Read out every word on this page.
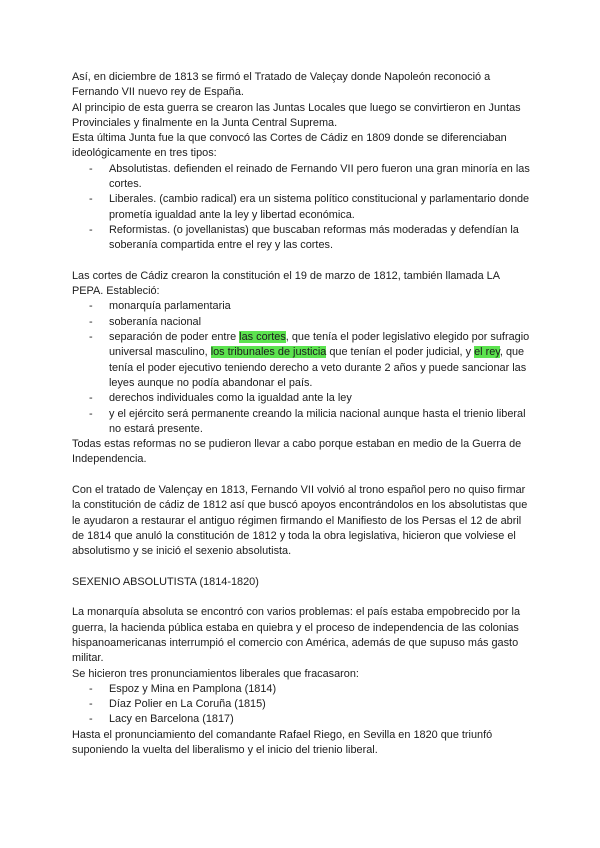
Así, en diciembre de 1813 se firmó el Tratado de Valeçay donde Napoleón reconoció a Fernando VII nuevo rey de España.

Al principio de esta guerra se crearon las Juntas Locales que luego se convirtieron en Juntas Provinciales y finalmente en la Junta Central Suprema.

Esta última Junta fue la que convocó las Cortes de Cádiz en 1809 donde se diferenciaban ideológicamente en tres tipos:

- Absolutistas. defienden el reinado de Fernando VII pero fueron una gran minoría en las cortes.
- Liberales. (cambio radical) era un sistema político constitucional y parlamentario donde prometía igualdad ante la ley y libertad económica.
- Reformistas. (o jovellanistas) que buscaban reformas más moderadas y defendían la soberanía compartida entre el rey y las cortes.

Las cortes de Cádiz crearon la constitución el 19 de marzo de 1812, también llamada LA PEPA. Estableció:

- monarquía parlamentaria
- soberanía nacional
- separación de poder entre las cortes, que tenía el poder legislativo elegido por sufragio universal masculino, los tribunales de justicia que tenían el poder judicial, y el rey, que tenía el poder ejecutivo teniendo derecho a veto durante 2 años y puede sancionar las leyes aunque no podía abandonar el país.
- derechos individuales como la igualdad ante la ley
- y el ejército será permanente creando la milicia nacional aunque hasta el trienio liberal no estará presente.

Todas estas reformas no se pudieron llevar a cabo porque estaban en medio de la Guerra de Independencia.

Con el tratado de Valençay en 1813, Fernando VII volvió al trono español pero no quiso firmar la constitución de cádiz de 1812 así que buscó apoyos encontrándolos en los absolutistas que le ayudaron a restaurar el antiguo régimen firmando el Manifiesto de los Persas el 12 de abril de 1814 que anuló la constitución de 1812 y toda la obra legislativa, hicieron que volviese el absolutismo y se inició el sexenio absolutista.

SEXENIO ABSOLUTISTA (1814-1820)

La monarquía absoluta se encontró con varios problemas: el país estaba empobrecido por la guerra, la hacienda pública estaba en quiebra y el proceso de independencia de las colonias hispanoamericanas interrumpió el comercio con América, además de que supuso más gasto militar.

Se hicieron tres pronunciamientos liberales que fracasaron:

- Espoz y Mina en Pamplona (1814)
- Díaz Polier en La Coruña (1815)
- Lacy en Barcelona (1817)

Hasta el pronunciamiento del comandante Rafael Riego, en Sevilla en 1820 que triunfó suponiendo la vuelta del liberalismo y el inicio del trienio liberal.
